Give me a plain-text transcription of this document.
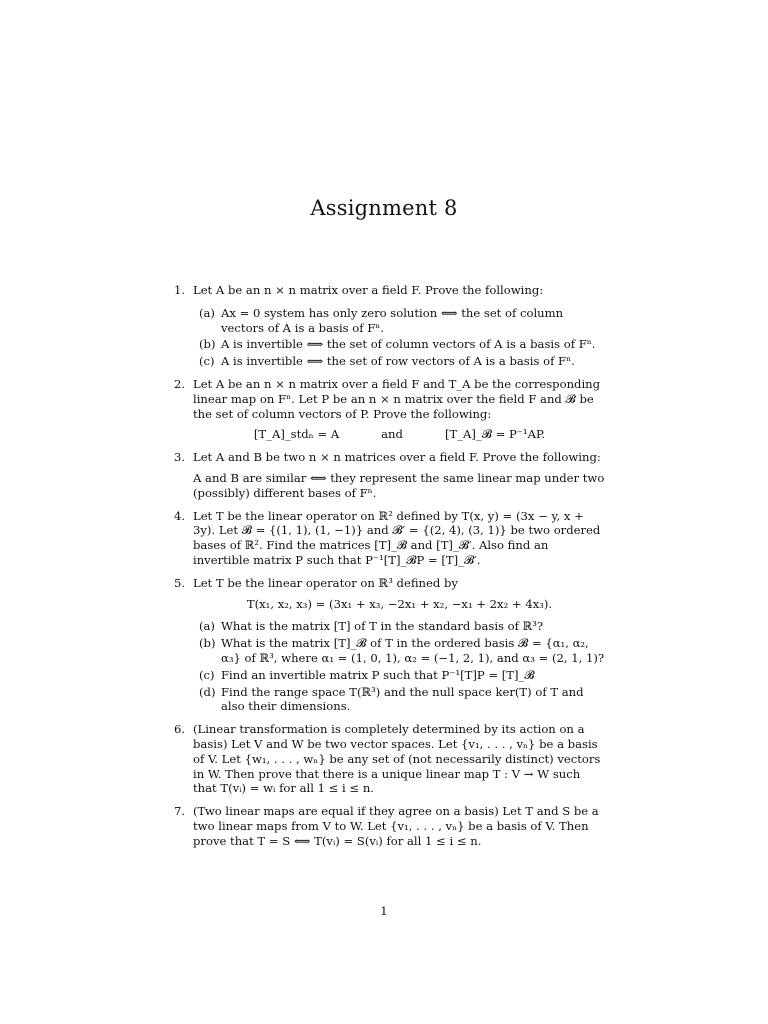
Assignment 8
1. Let A be an n × n matrix over a field F. Prove the following:
(a) Ax = 0 system has only zero solution ⟺ the set of column vectors of A is a basis of Fⁿ.
(b) A is invertible ⟺ the set of column vectors of A is a basis of Fⁿ.
(c) A is invertible ⟺ the set of row vectors of A is a basis of Fⁿ.
2. Let A be an n × n matrix over a field F and T_A be the corresponding linear map on Fⁿ. Let P be an n × n matrix over the field F and 𝓑 be the set of column vectors of P. Prove the following:
[T_A]_stdₙ = A	and	[T_A]_𝓑 = P⁻¹AP.
3. Let A and B be two n × n matrices over a field F. Prove the following:
A and B are similar ⟺ they represent the same linear map under two (possibly) different bases of Fⁿ.
4. Let T be the linear operator on ℝ² defined by T(x, y) = (3x − y, x + 3y). Let 𝓑 = {(1, 1), (1, −1)} and 𝓑′ = {(2, 4), (3, 1)} be two ordered bases of ℝ². Find the matrices [T]_𝓑 and [T]_𝓑′. Also find an invertible matrix P such that P⁻¹[T]_𝓑P = [T]_𝓑′.
5. Let T be the linear operator on ℝ³ defined by
T(x₁, x₂, x₃) = (3x₁ + x₃, −2x₁ + x₂, −x₁ + 2x₂ + 4x₃).
(a) What is the matrix [T] of T in the standard basis of ℝ³?
(b) What is the matrix [T]_𝓑 of T in the ordered basis 𝓑 = {α₁, α₂, α₃} of ℝ³, where α₁ = (1, 0, 1), α₂ = (−1, 2, 1), and α₃ = (2, 1, 1)?
(c) Find an invertible matrix P such that P⁻¹[T]P = [T]_𝓑
(d) Find the range space T(ℝ³) and the null space ker(T) of T and also their dimensions.
6. (Linear transformation is completely determined by its action on a basis) Let V and W be two vector spaces. Let {v₁, . . . , vₙ} be a basis of V. Let {w₁, . . . , wₙ} be any set of (not necessarily distinct) vectors in W. Then prove that there is a unique linear map T : V → W such that T(vᵢ) = wᵢ for all 1 ≤ i ≤ n.
7. (Two linear maps are equal if they agree on a basis) Let T and S be a two linear maps from V to W. Let {v₁, . . . , vₙ} be a basis of V. Then prove that T = S ⟺ T(vᵢ) = S(vᵢ) for all 1 ≤ i ≤ n.
1
